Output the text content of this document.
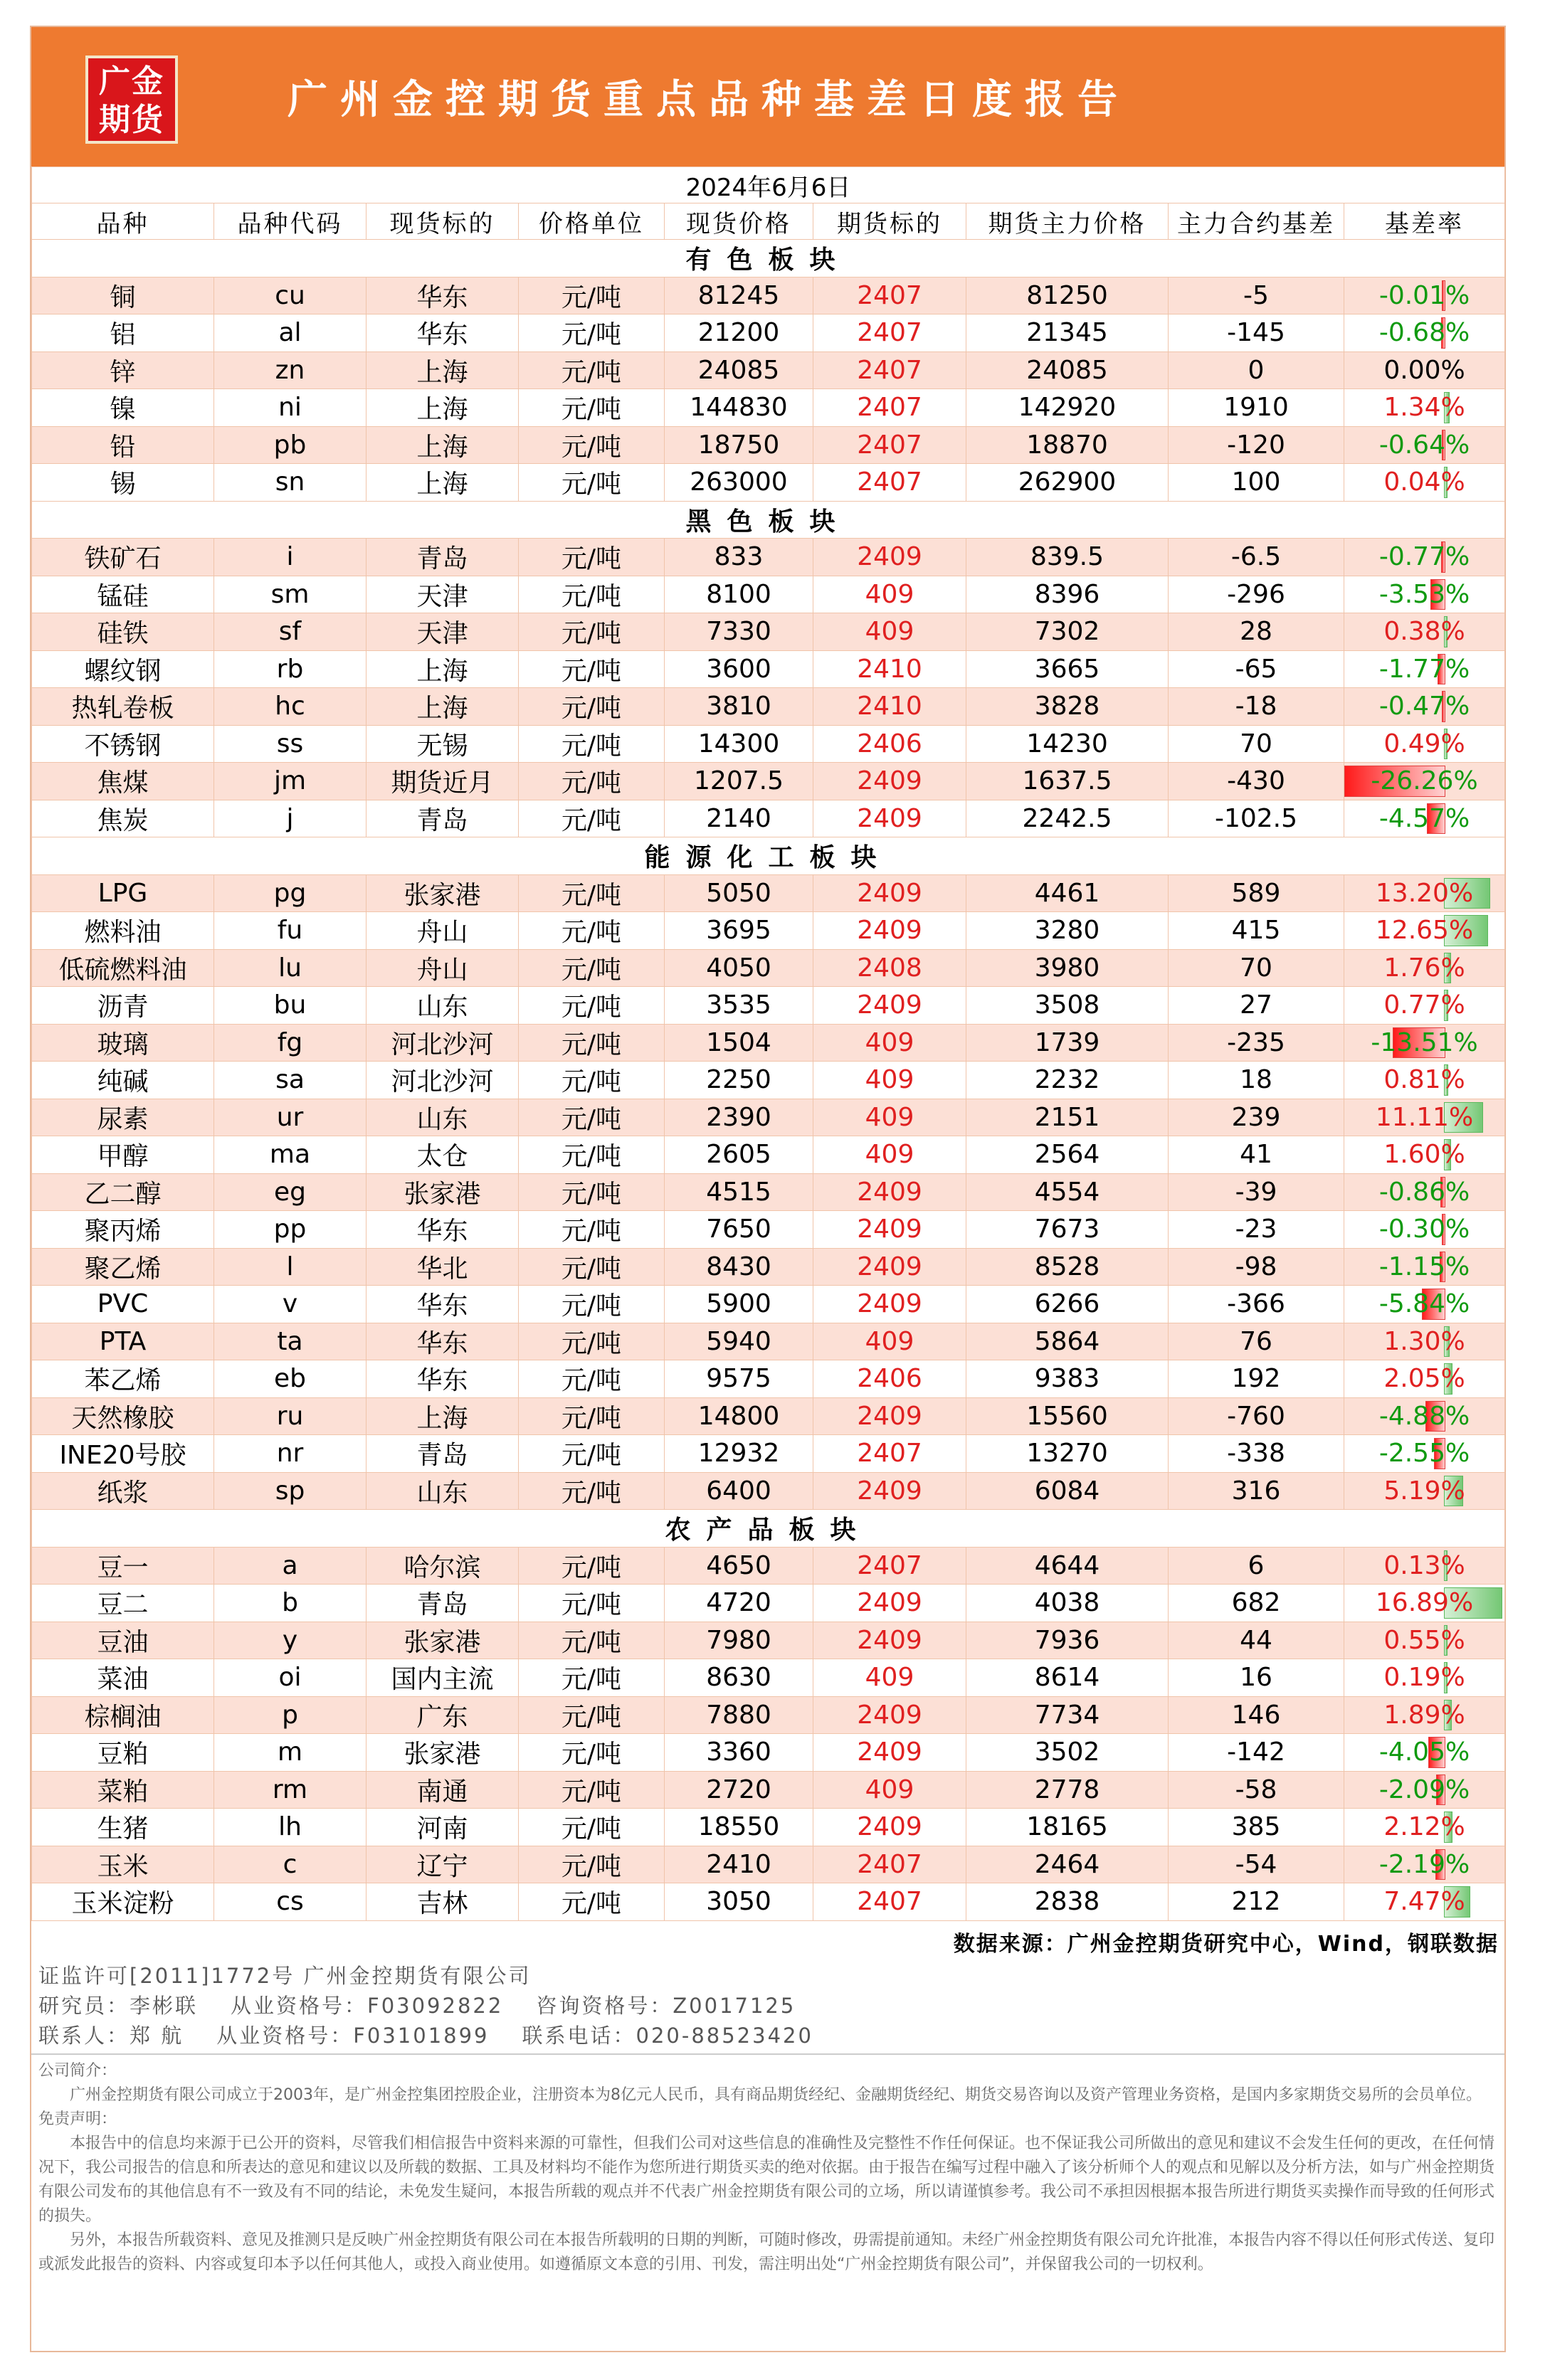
广金
期货	广州金控期货重点品种基差日度报告
2024年6月6日								
品种	品种代码	现货标的	价格单位	现货价格	期货标的	期货主力价格	主力合约基差	基差率
有色板块								
铜	cu	华东	元/吨	81245	2407	81250	-5	-0.01%
铝	al	华东	元/吨	21200	2407	21345	-145	-0.68%
锌	zn	上海	元/吨	24085	2407	24085	0	0.00%
镍	ni	上海	元/吨	144830	2407	142920	1910	1.34%
铅	pb	上海	元/吨	18750	2407	18870	-120	-0.64%
锡	sn	上海	元/吨	263000	2407	262900	100	0.04%
黑色板块								
铁矿石	i	青岛	元/吨	833	2409	839.5	-6.5	-0.77%
锰硅	sm	天津	元/吨	8100	409	8396	-296	-3.53%
硅铁	sf	天津	元/吨	7330	409	7302	28	0.38%
螺纹钢	rb	上海	元/吨	3600	2410	3665	-65	-1.77%
热轧卷板	hc	上海	元/吨	3810	2410	3828	-18	-0.47%
不锈钢	ss	无锡	元/吨	14300	2406	14230	70	0.49%
焦煤	jm	期货近月	元/吨	1207.5	2409	1637.5	-430	-26.26%
焦炭	j	青岛	元/吨	2140	2409	2242.5	-102.5	-4.57%
能源化工板块								
LPG	pg	张家港	元/吨	5050	2409	4461	589	13.20%
燃料油	fu	舟山	元/吨	3695	2409	3280	415	12.65%
低硫燃料油	lu	舟山	元/吨	4050	2408	3980	70	1.76%
沥青	bu	山东	元/吨	3535	2409	3508	27	0.77%
玻璃	fg	河北沙河	元/吨	1504	409	1739	-235	-13.51%
纯碱	sa	河北沙河	元/吨	2250	409	2232	18	0.81%
尿素	ur	山东	元/吨	2390	409	2151	239	11.11%
甲醇	ma	太仓	元/吨	2605	409	2564	41	1.60%
乙二醇	eg	张家港	元/吨	4515	2409	4554	-39	-0.86%
聚丙烯	pp	华东	元/吨	7650	2409	7673	-23	-0.30%
聚乙烯	l	华北	元/吨	8430	2409	8528	-98	-1.15%
PVC	v	华东	元/吨	5900	2409	6266	-366	-5.84%
PTA	ta	华东	元/吨	5940	409	5864	76	1.30%
苯乙烯	eb	华东	元/吨	9575	2406	9383	192	2.05%
天然橡胶	ru	上海	元/吨	14800	2409	15560	-760	-4.88%
INE20号胶	nr	青岛	元/吨	12932	2407	13270	-338	-2.55%
纸浆	sp	山东	元/吨	6400	2409	6084	316	5.19%
农产品板块								
豆一	a	哈尔滨	元/吨	4650	2407	4644	6	0.13%
豆二	b	青岛	元/吨	4720	2409	4038	682	16.89%
豆油	y	张家港	元/吨	7980	2409	7936	44	0.55%
菜油	oi	国内主流	元/吨	8630	409	8614	16	0.19%
棕榈油	p	广东	元/吨	7880	2409	7734	146	1.89%
豆粕	m	张家港	元/吨	3360	2409	3502	-142	-4.05%
菜粕	rm	南通	元/吨	2720	409	2778	-58	-2.09%
生猪	lh	河南	元/吨	18550	2409	18165	385	2.12%
玉米	c	辽宁	元/吨	2410	2407	2464	-54	-2.19%
玉米淀粉	cs	吉林	元/吨	3050	2407	2838	212	7.47%
数据来源：广州金控期货研究中心，Wind，钢联数据
证监许可[2011]1772号 广州金控期货有限公司
研究员：李彬联 从业资格号：F03092822 咨询资格号：Z0017125
联系人：郑 航 从业资格号：F03101899 联系电话：020-88523420
公司简介：
广州金控期货有限公司成立于2003年，是广州金控集团控股企业，注册资本为8亿元人民币，具有商品期货经纪、金融期货经纪、期货交易咨询以及资产管理业务资格，是国内多家期货交易所的会员单位。
免责声明：
本报告中的信息均来源于已公开的资料，尽管我们相信报告中资料来源的可靠性，但我们公司对这些信息的准确性及完整性不作任何保证。也不保证我公司所做出的意见和建议不会发生任何的更改，在任何情况下，我公司报告的信息和所表达的意见和建议以及所载的数据、工具及材料均不能作为您所进行期货买卖的绝对依据。由于报告在编写过程中融入了该分析师个人的观点和见解以及分析方法，如与广州金控期货有限公司发布的其他信息有不一致及有不同的结论，未免发生疑问，本报告所载的观点并不代表广州金控期货有限公司的立场，所以请谨慎参考。我公司不承担因根据本报告所进行期货买卖操作而导致的任何形式的损失。
另外，本报告所载资料、意见及推测只是反映广州金控期货有限公司在本报告所载明的日期的判断，可随时修改，毋需提前通知。未经广州金控期货有限公司允许批准，本报告内容不得以任何形式传送、复印或派发此报告的资料、内容或复印本予以任何其他人，或投入商业使用。如遵循原文本意的引用、刊发，需注明出处“广州金控期货有限公司”，并保留我公司的一切权利。
